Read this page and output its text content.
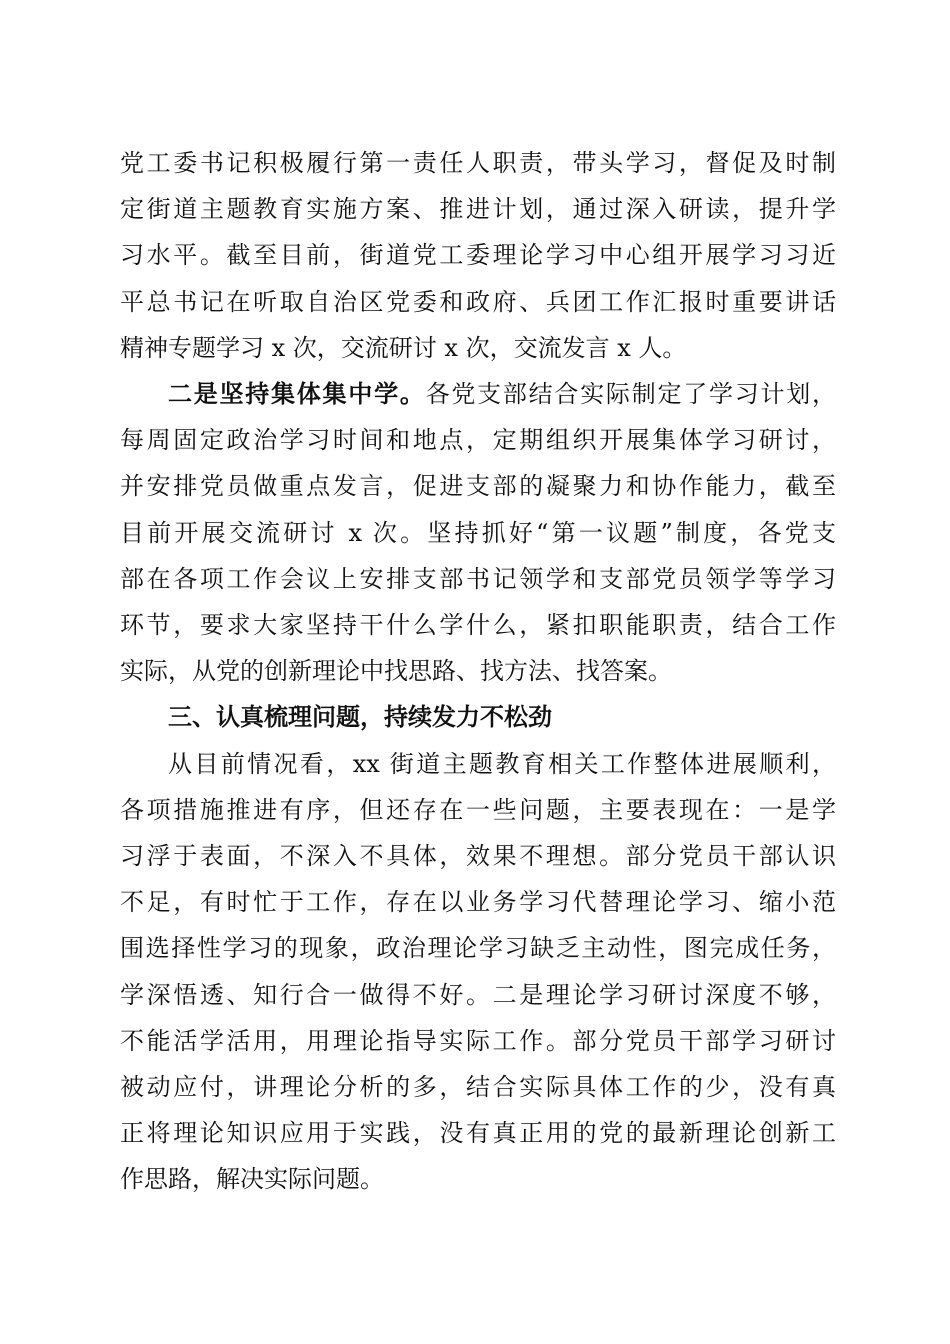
党工委书记积极履行第一责任人职责，带头学习，督促及时制
定街道主题教育实施方案、推进计划，通过深入研读，提升学
习水平。截至目前，街道党工委理论学习中心组开展学习习近
平总书记在听取自治区党委和政府、兵团工作汇报时重要讲话
精神专题学习 x 次，交流研讨 x 次，交流发言 x 人。

二是坚持集体集中学。各党支部结合实际制定了学习计划，
每周固定政治学习时间和地点，定期组织开展集体学习研讨，
并安排党员做重点发言，促进支部的凝聚力和协作能力，截至
目前开展交流研讨 x 次。坚持抓好“第一议题”制度，各党支
部在各项工作会议上安排支部书记领学和支部党员领学等学习
环节，要求大家坚持干什么学什么，紧扣职能职责，结合工作
实际，从党的创新理论中找思路、找方法、找答案。

三、认真梳理问题，持续发力不松劲

从目前情况看，xx 街道主题教育相关工作整体进展顺利，
各项措施推进有序，但还存在一些问题，主要表现在：一是学
习浮于表面，不深入不具体，效果不理想。部分党员干部认识
不足，有时忙于工作，存在以业务学习代替理论学习、缩小范
围选择性学习的现象，政治理论学习缺乏主动性，图完成任务，
学深悟透、知行合一做得不好。二是理论学习研讨深度不够，
不能活学活用，用理论指导实际工作。部分党员干部学习研讨
被动应付，讲理论分析的多，结合实际具体工作的少，没有真
正将理论知识应用于实践，没有真正用的党的最新理论创新工
作思路，解决实际问题。
